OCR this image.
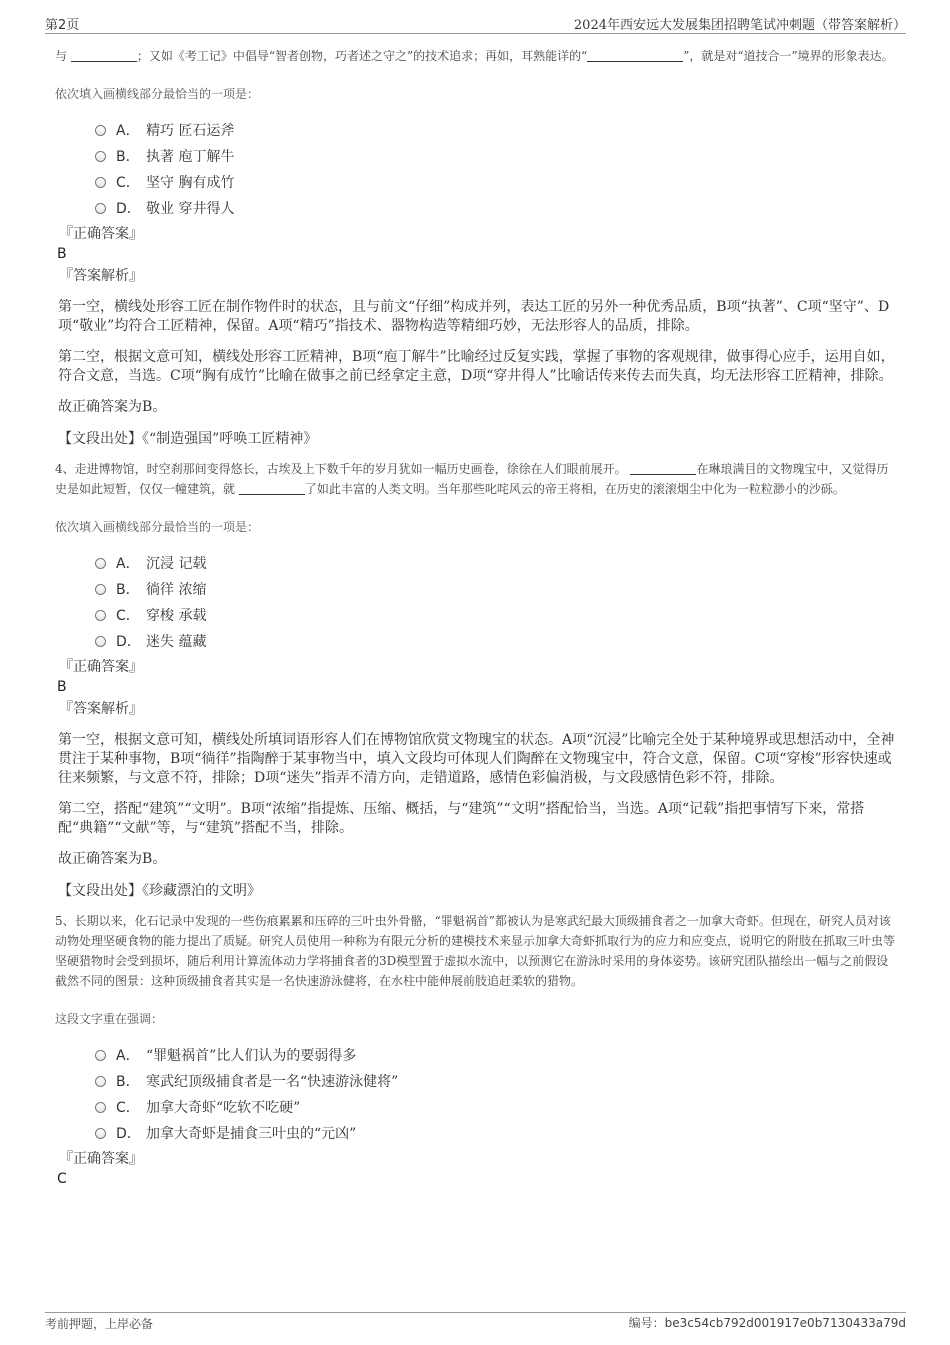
第2页	2024年西安远大发展集团招聘笔试冲刺题（带答案解析）

与	；又如《考工记》中倡导“智者创物，巧者述之守之”的技术追求；再如，耳熟能详的“	”，就是对“道技合一”境界的形象表达。

依次填入画横线部分最恰当的一项是：

A． 精巧 匠石运斧
B． 执著 庖丁解牛
C． 坚守 胸有成竹
D． 敬业 穿井得人
『正确答案』
B
『答案解析』

第一空，横线处形容工匠在制作物件时的状态，且与前文“仔细”构成并列，表达工匠的另外一种优秀品质，B项“执著”、C项“坚守”、D项“敬业”均符合工匠精神，保留。A项“精巧”指技术、器物构造等精细巧妙，无法形容人的品质，排除。

第二空，根据文意可知，横线处形容工匠精神，B项“庖丁解牛”比喻经过反复实践，掌握了事物的客观规律，做事得心应手，运用自如，符合文意，当选。C项“胸有成竹”比喻在做事之前已经拿定主意，D项“穿井得人”比喻话传来传去而失真，均无法形容工匠精神，排除。

故正确答案为B。

【文段出处】《“制造强国”呼唤工匠精神》

4、走进博物馆，时空刹那间变得悠长，古埃及上下数千年的岁月犹如一幅历史画卷，徐徐在人们眼前展开。	在琳琅满目的文物瑰宝中，又觉得历史是如此短暂，仅仅一幢建筑，就	了如此丰富的人类文明。当年那些叱咤风云的帝王将相，在历史的滚滚烟尘中化为一粒粒渺小的沙砾。

依次填入画横线部分最恰当的一项是：

A． 沉浸 记载
B． 徜徉 浓缩
C． 穿梭 承载
D． 迷失 蕴藏
『正确答案』
B
『答案解析』

第一空，根据文意可知，横线处所填词语形容人们在博物馆欣赏文物瑰宝的状态。A项“沉浸”比喻完全处于某种境界或思想活动中，全神贯注于某种事物，B项“徜徉”指陶醉于某事物当中，填入文段均可体现人们陶醉在文物瑰宝中，符合文意，保留。C项“穿梭”形容快速或往来频繁，与文意不符，排除；D项“迷失”指弄不清方向，走错道路，感情色彩偏消极，与文段感情色彩不符，排除。

第二空，搭配“建筑”“文明”。B项“浓缩”指提炼、压缩、概括，与“建筑”“文明”搭配恰当，当选。A项“记载”指把事情写下来，常搭配“典籍”“文献”等，与“建筑”搭配不当，排除。

故正确答案为B。

【文段出处】《珍藏漂泊的文明》

5、长期以来，化石记录中发现的一些伤痕累累和压碎的三叶虫外骨骼，“罪魁祸首”都被认为是寒武纪最大顶级捕食者之一加拿大奇虾。但现在，研究人员对该动物处理坚硬食物的能力提出了质疑。研究人员使用一种称为有限元分析的建模技术来显示加拿大奇虾抓取行为的应力和应变点，说明它的附肢在抓取三叶虫等坚硬猎物时会受到损坏，随后利用计算流体动力学将捕食者的3D模型置于虚拟水流中，以预测它在游泳时采用的身体姿势。该研究团队描绘出一幅与之前假设截然不同的图景：这种顶级捕食者其实是一名快速游泳健将，在水柱中能伸展前肢追赶柔软的猎物。

这段文字重在强调：

A． “罪魁祸首”比人们认为的要弱得多
B． 寒武纪顶级捕食者是一名“快速游泳健将”
C． 加拿大奇虾“吃软不吃硬”
D． 加拿大奇虾是捕食三叶虫的“元凶”
『正确答案』
C
考前押题，上岸必备	编号：be3c54cb792d001917e0b7130433a79d
